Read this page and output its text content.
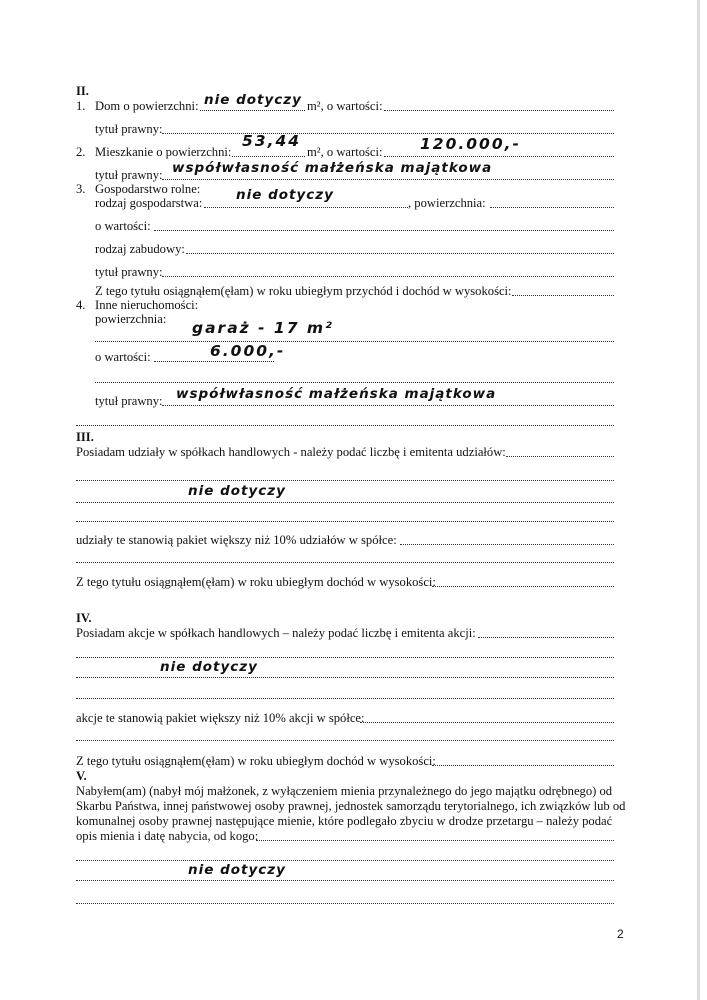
II.
1. Dom o powierzchni: nie dotyczy m², o wartości:
tytuł prawny:
2. Mieszkanie o powierzchni:
53,44
m², o wartości: 120.000,-
tytuł prawny: współwłasność małżeńska majątkowa
3. Gospodarstwo rolne:
rodzaj gospodarstwa: nie dotyczy	, powierzchnia:
o wartości:
rodzaj zabudowy:
tytuł prawny:
Z tego tytułu osiągnąłem(ęłam) w roku ubiegłym przychód i dochód w wysokości:
4. Inne nieruchomości:
powierzchnia: garaż - 17 m²
o wartości:	6.000,-
tytuł prawny: współwłasność małżeńska majątkowa
III.
Posiadam udziały w spółkach handlowych - należy podać liczbę i emitenta udziałów:
nie dotyczy
udziały te stanowią pakiet większy niż 10% udziałów w spółce:
Z tego tytułu osiągnąłem(ęłam) w roku ubiegłym dochód w wysokości:
IV.
Posiadam akcje w spółkach handlowych – należy podać liczbę i emitenta akcji:
nie dotyczy
akcje te stanowią pakiet większy niż 10% akcji w spółce:
Z tego tytułu osiągnąłem(ęłam) w roku ubiegłym dochód w wysokości:
V.
Nabyłem(am) (nabył mój małżonek, z wyłączeniem mienia przynależnego do jego majątku odrębnego) od
Skarbu Państwa, innej państwowej osoby prawnej, jednostek samorządu terytorialnego, ich związków lub od
komunalnej osoby prawnej następujące mienie, które podlegało zbyciu w drodze przetargu – należy podać
opis mienia i datę nabycia, od kogo:
nie dotyczy
2
